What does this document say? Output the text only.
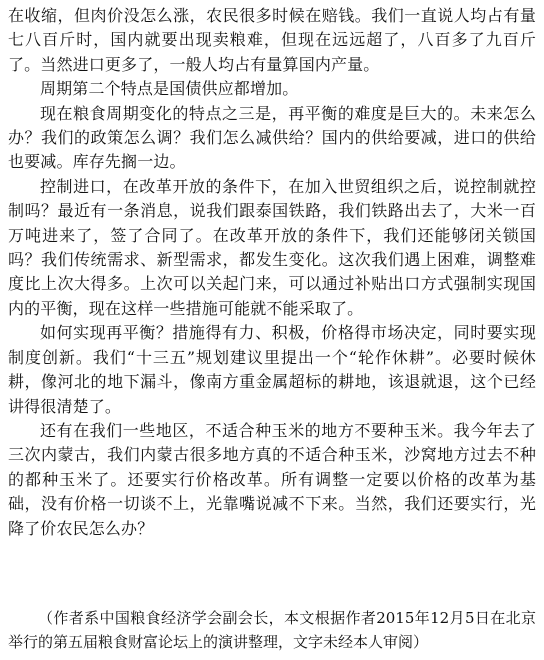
在收缩，但肉价没怎么涨，农民很多时候在赔钱。我们一直说人均占有量七八百斤时，国内就要出现卖粮难，但现在远远超了，八百多了九百斤了。当然进口更多了，一般人均占有量算国内产量。

周期第二个特点是国债供应都增加。

现在粮食周期变化的特点之三是，再平衡的难度是巨大的。未来怎么办？我们的政策怎么调？我们怎么减供给？国内的供给要减，进口的供给也要减。库存先搁一边。

控制进口，在改革开放的条件下，在加入世贸组织之后，说控制就控制吗？最近有一条消息，说我们跟泰国铁路，我们铁路出去了，大米一百万吨进来了，签了合同了。在改革开放的条件下，我们还能够闭关锁国吗？我们传统需求、新型需求，都发生变化。这次我们遇上困难，调整难度比上次大得多。上次可以关起门来，可以通过补贴出口方式强制实现国内的平衡，现在这样一些措施可能就不能采取了。

如何实现再平衡？措施得有力、积极，价格得市场决定，同时要实现制度创新。我们“十三五”规划建议里提出一个“轮作休耕”。必要时候休耕，像河北的地下漏斗，像南方重金属超标的耕地，该退就退，这个已经讲得很清楚了。

还有在我们一些地区，不适合种玉米的地方不要种玉米。我今年去了三次内蒙古，我们内蒙古很多地方真的不适合种玉米，沙窝地方过去不种的都种玉米了。还要实行价格改革。所有调整一定要以价格的改革为基础，没有价格一切谈不上，光靠嘴说减不下来。当然，我们还要实行，光降了价农民怎么办？

（作者系中国粮食经济学会副会长，本文根据作者2015年12月5日在北京举行的第五届粮食财富论坛上的演讲整理，文字未经本人审阅）
